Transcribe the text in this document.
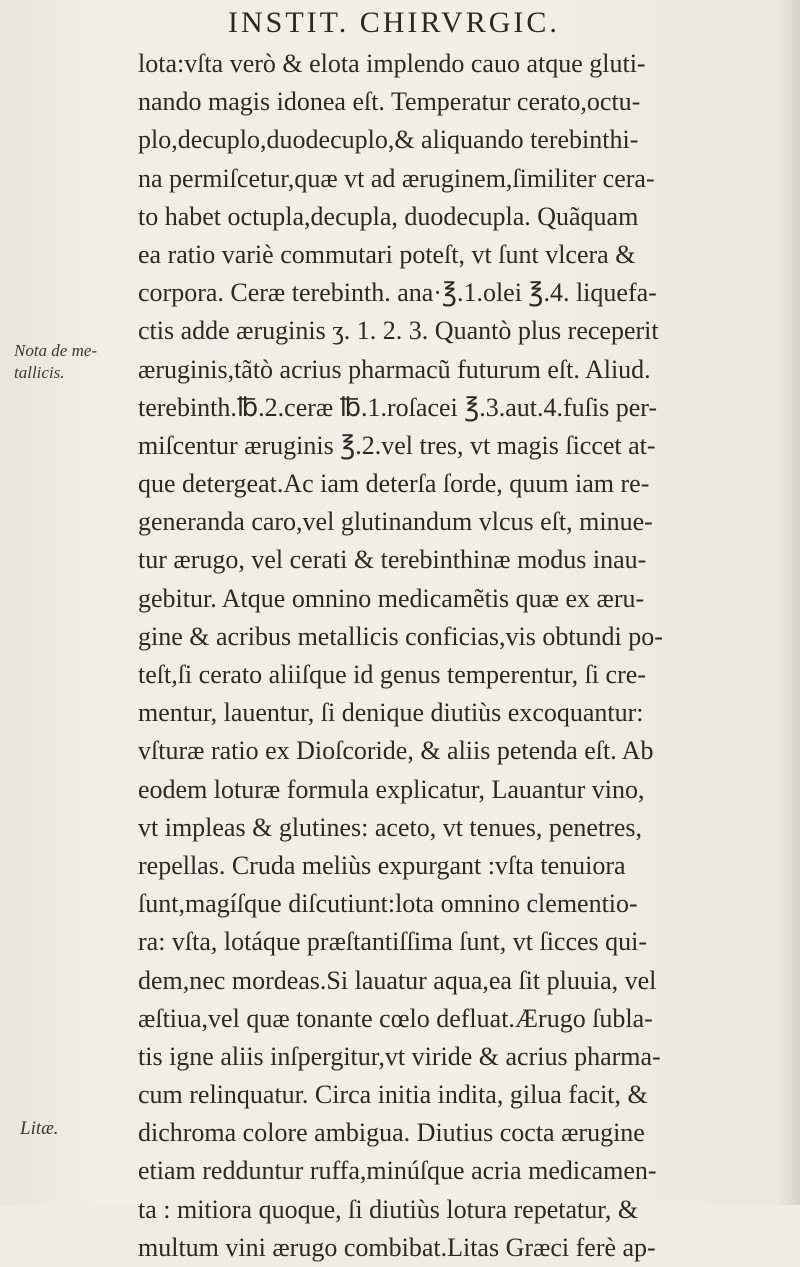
INSTIT. CHIRVRGIC.
Nota de me-
tallicis.
Litæ.
lota:vſta verò & elota implendo cauo atque gluti-
nando magis idonea eſt. Temperatur cerato,octu-
plo,decuplo,duodecuplo,& aliquando terebinthi-
na permiſcetur,quæ vt ad æruginem,ſimiliter cera-
to habet octupla,decupla, duodecupla. Quãquam
ea ratio variè commutari poteſt, vt ſunt vlcera &
corpora. Ceræ terebinth. ana·℥.1.olei ℥.4. liquefa-
ctis adde æruginis ʒ. 1. 2. 3. Quantò plus receperit
æruginis,tãtò acrius pharmacũ futurum eſt. Aliud.
terebinth.℔.2.ceræ ℔.1.roſacei ℥.3.aut.4.fuſis per-
miſcentur æruginis ℥.2.vel tres, vt magis ſiccet at-
que detergeat.Ac iam deterſa ſorde, quum iam re-
generanda caro,vel glutinandum vlcus eſt, minue-
tur ærugo, vel cerati & terebinthinæ modus inau-
gebitur. Atque omnino medicamẽtis quæ ex æru-
gine & acribus metallicis conficias,vis obtundi po-
teſt,ſi cerato aliiſque id genus temperentur, ſi cre-
mentur, lauentur, ſi denique diutiùs excoquantur:
vſturæ ratio ex Dioſcoride, & aliis petenda eſt. Ab
eodem loturæ formula explicatur, Lauantur vino,
vt impleas & glutines: aceto, vt tenues, penetres,
repellas. Cruda meliùs expurgant :vſta tenuiora
ſunt,magíſque diſcutiunt:lota omnino clementio-
ra: vſta, lotáque præſtantiſſima ſunt, vt ſicces qui-
dem,nec mordeas.Si lauatur aqua,ea ſit pluuia, vel
æſtiua,vel quæ tonante cœlo defluat.Ærugo ſubla-
tis igne aliis inſpergitur,vt viride & acrius pharma-
cum relinquatur. Circa initia indita, gilua facit, &
dichroma colore ambigua. Diutius cocta ærugine
etiam redduntur ruffa,minúſque acria medicamen-
ta : mitiora quoque, ſi diutiùs lotura repetatur, &
multum vini ærugo combibat.Litas Græci ferè ap-
